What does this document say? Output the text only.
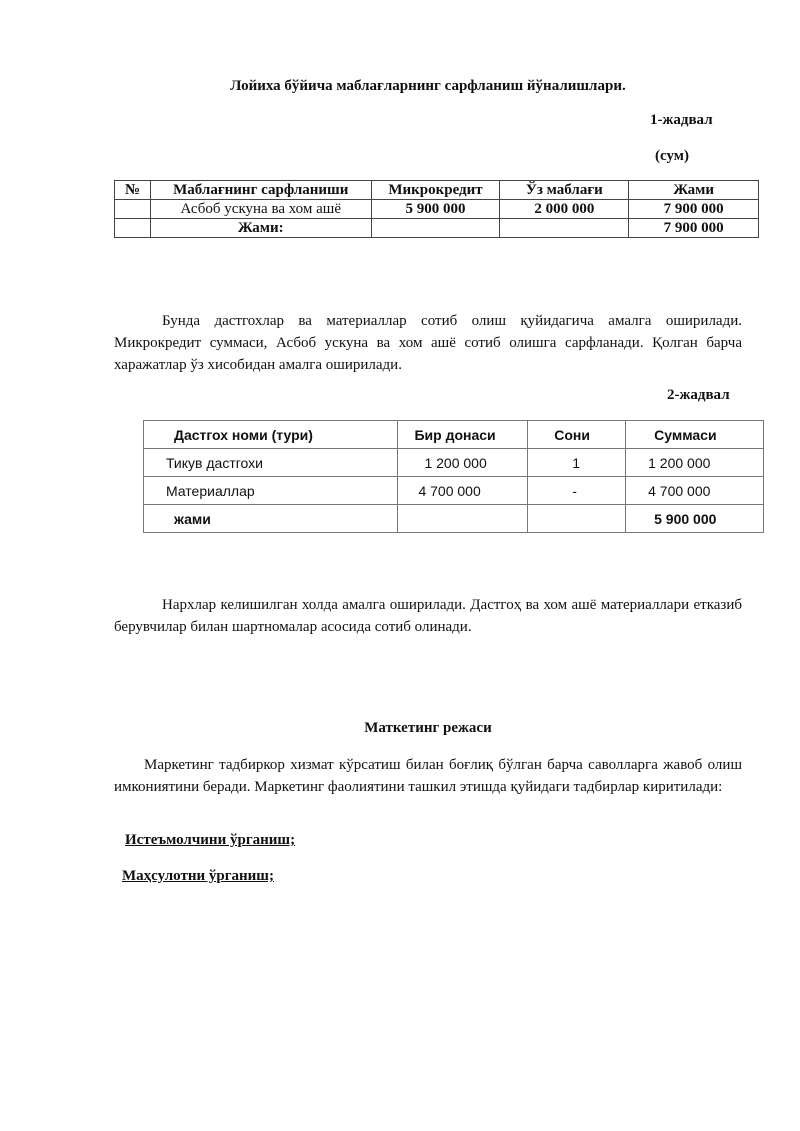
Лойиха бўйича маблағларнинг сарфланиш йўналишлари.
1-жадвал
(сум)
№	Маблағнинг сарфланиши	Микрокредит	Ўз маблағи	Жами
	Асбоб ускуна ва хом ашё	5 900 000	2 000 000	7 900 000
	Жами:			7 900 000
Бунда дастгохлар ва материаллар сотиб олиш қуйидагича амалга оширилади. Микрокредит суммаси, Асбоб ускуна ва хом ашё сотиб олишга сарфланади. Қолган барча харажатлар ўз хисобидан амалга оширилади.
2-жадвал
Дастгох номи (тури)	Бир донаси	Сони	Суммаси
Тикув дастгохи	1 200 000	1	1 200 000
Материаллар	4 700 000	-	4 700 000
жами			5 900 000
Нархлар келишилган холда амалга оширилади. Дастгоҳ ва хом ашё материаллари етказиб берувчилар билан шартномалар асосида сотиб олинади.
Маткетинг режаси
Маркетинг тадбиркор хизмат кўрсатиш билан боғлиқ бўлган барча саволларга жавоб олиш имкониятини беради. Маркетинг фаолиятини ташкил этишда қуйидаги тадбирлар киритилади:
Истеъмолчини ўрганиш;
Маҳсулотни ўрганиш;
